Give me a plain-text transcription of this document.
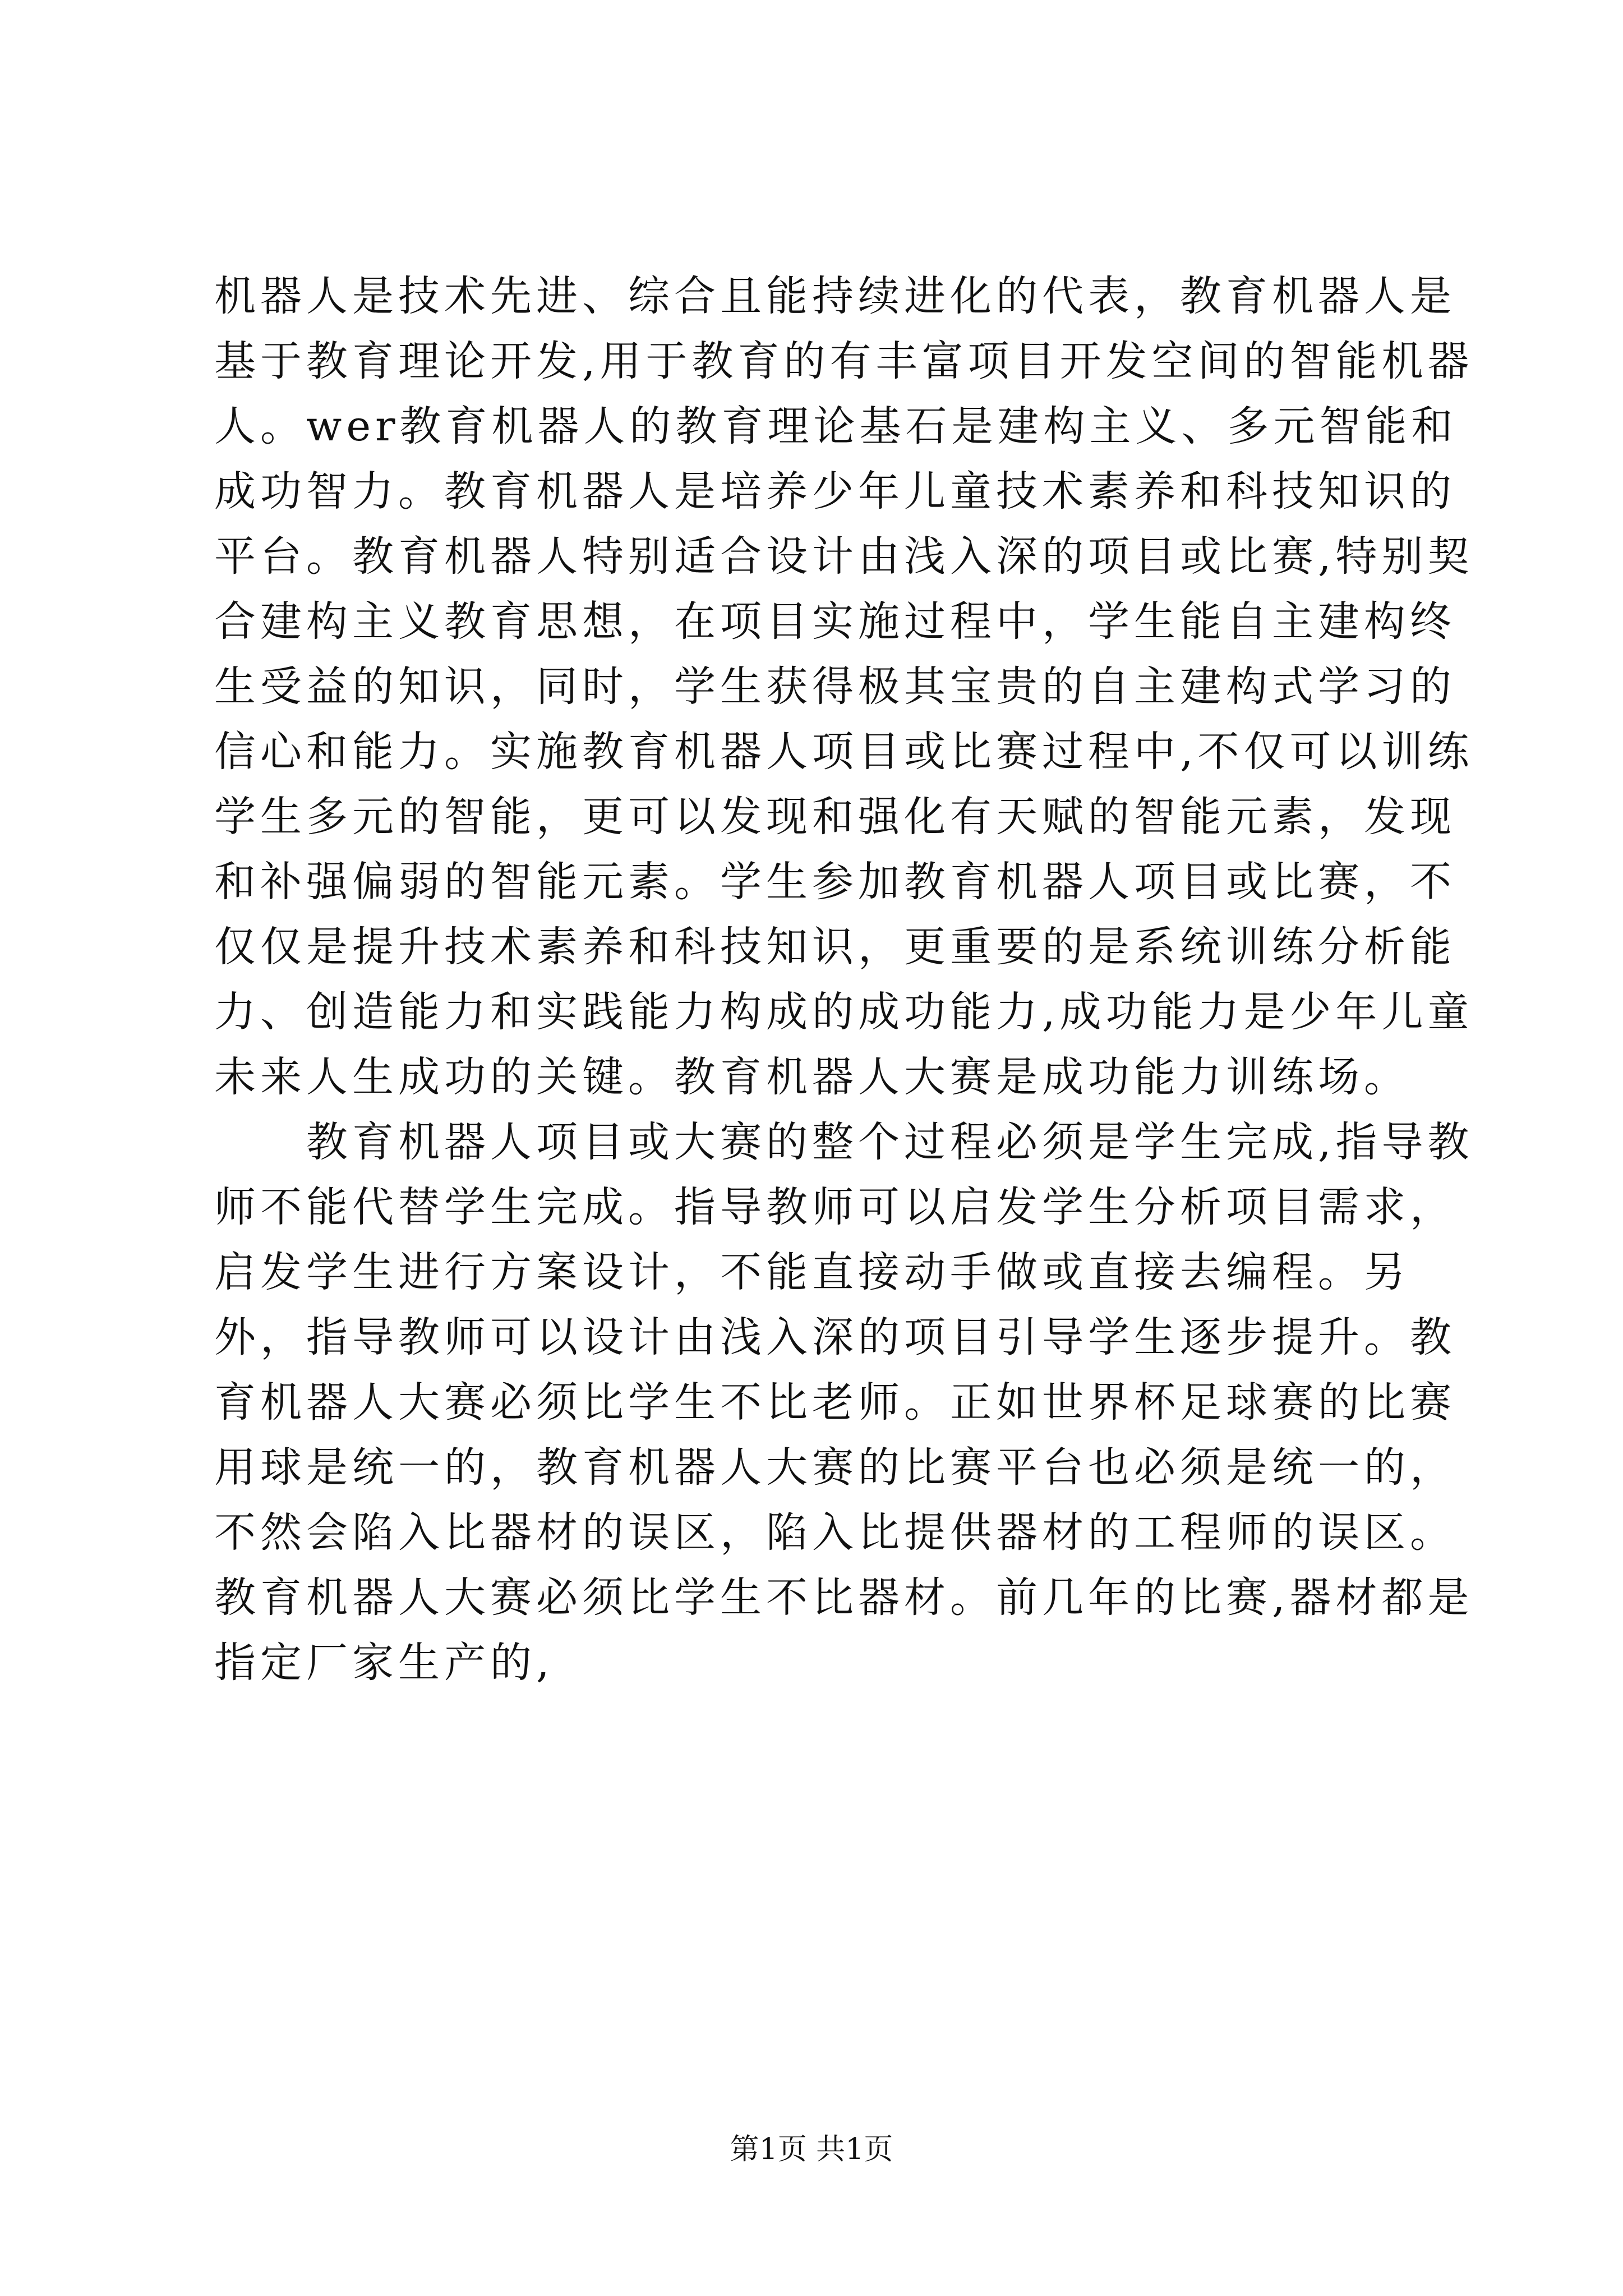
机器人是技术先进、综合且能持续进化的代表，教育机器人是基于教育理论开发,用于教育的有丰富项目开发空间的智能机器人。wer教育机器人的教育理论基石是建构主义、多元智能和成功智力。教育机器人是培养少年儿童技术素养和科技知识的平台。教育机器人特别适合设计由浅入深的项目或比赛,特别契合建构主义教育思想，在项目实施过程中，学生能自主建构终生受益的知识，同时，学生获得极其宝贵的自主建构式学习的信心和能力。实施教育机器人项目或比赛过程中,不仅可以训练学生多元的智能，更可以发现和强化有天赋的智能元素，发现和补强偏弱的智能元素。学生参加教育机器人项目或比赛，不仅仅是提升技术素养和科技知识，更重要的是系统训练分析能力、创造能力和实践能力构成的成功能力,成功能力是少年儿童未来人生成功的关键。教育机器人大赛是成功能力训练场。

教育机器人项目或大赛的整个过程必须是学生完成,指导教师不能代替学生完成。指导教师可以启发学生分析项目需求，启发学生进行方案设计，不能直接动手做或直接去编程。另外，指导教师可以设计由浅入深的项目引导学生逐步提升。教育机器人大赛必须比学生不比老师。正如世界杯足球赛的比赛用球是统一的，教育机器人大赛的比赛平台也必须是统一的，不然会陷入比器材的误区，陷入比提供器材的工程师的误区。教育机器人大赛必须比学生不比器材。前几年的比赛,器材都是指定厂家生产的,

第1页 共1页
